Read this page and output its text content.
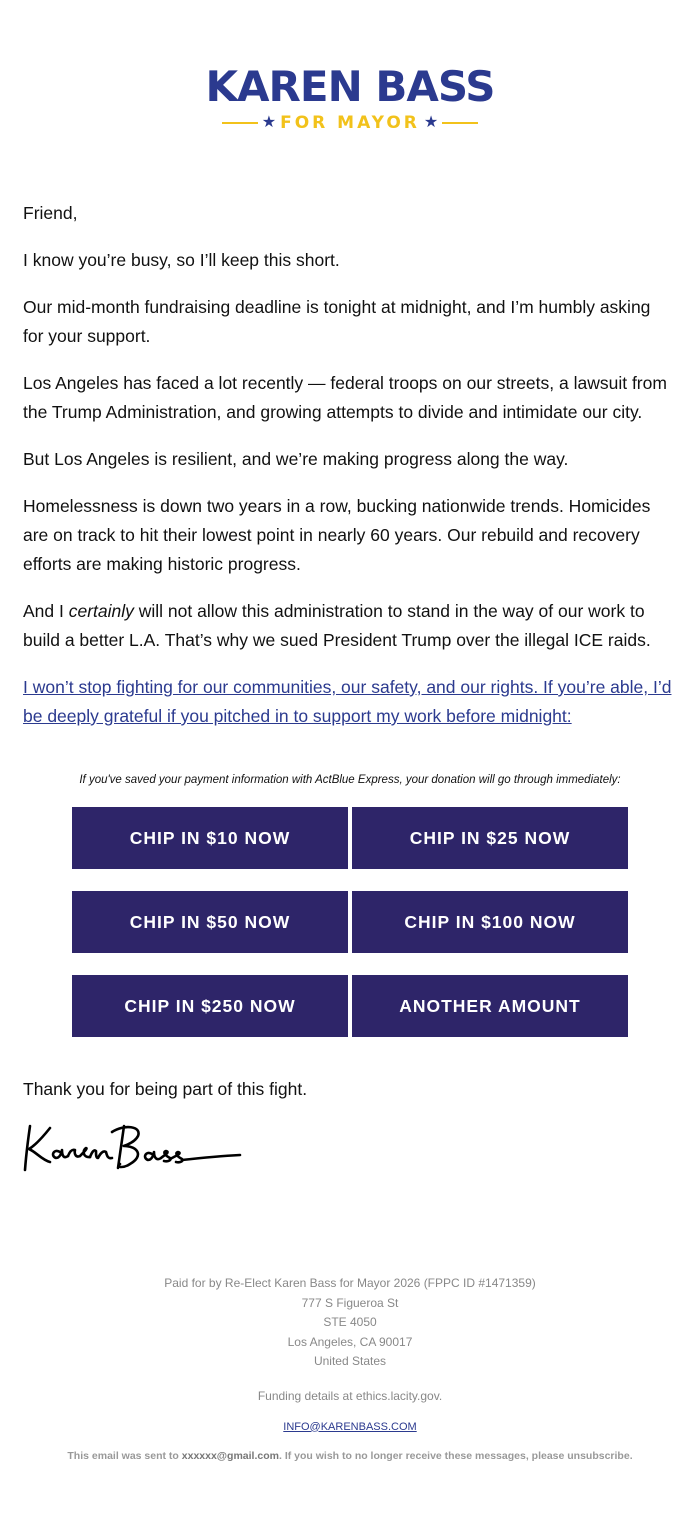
KAREN BASS
★ FOR MAYOR ★

Friend,

I know you’re busy, so I’ll keep this short.

Our mid-month fundraising deadline is tonight at midnight, and I’m humbly asking for your support.

Los Angeles has faced a lot recently — federal troops on our streets, a lawsuit from the Trump Administration, and growing attempts to divide and intimidate our city.

But Los Angeles is resilient, and we’re making progress along the way.

Homelessness is down two years in a row, bucking nationwide trends. Homicides are on track to hit their lowest point in nearly 60 years. Our rebuild and recovery efforts are making historic progress.

And I certainly will not allow this administration to stand in the way of our work to build a better L.A. That’s why we sued President Trump over the illegal ICE raids.

I won’t stop fighting for our communities, our safety, and our rights. If you’re able, I’d be deeply grateful if you pitched in to support my work before midnight:

If you've saved your payment information with ActBlue Express, your donation will go through immediately:
CHIP IN $10 NOW	CHIP IN $25 NOW
CHIP IN $50 NOW	CHIP IN $100 NOW
CHIP IN $250 NOW	ANOTHER AMOUNT
Thank you for being part of this fight.
Paid for by Re-Elect Karen Bass for Mayor 2026 (FPPC ID #1471359)
777 S Figueroa St
STE 4050
Los Angeles, CA 90017
United States
Funding details at ethics.lacity.gov.
INFO@KARENBASS.COM
This email was sent to xxxxxx@gmail.com. If you wish to no longer receive these messages, please unsubscribe.
